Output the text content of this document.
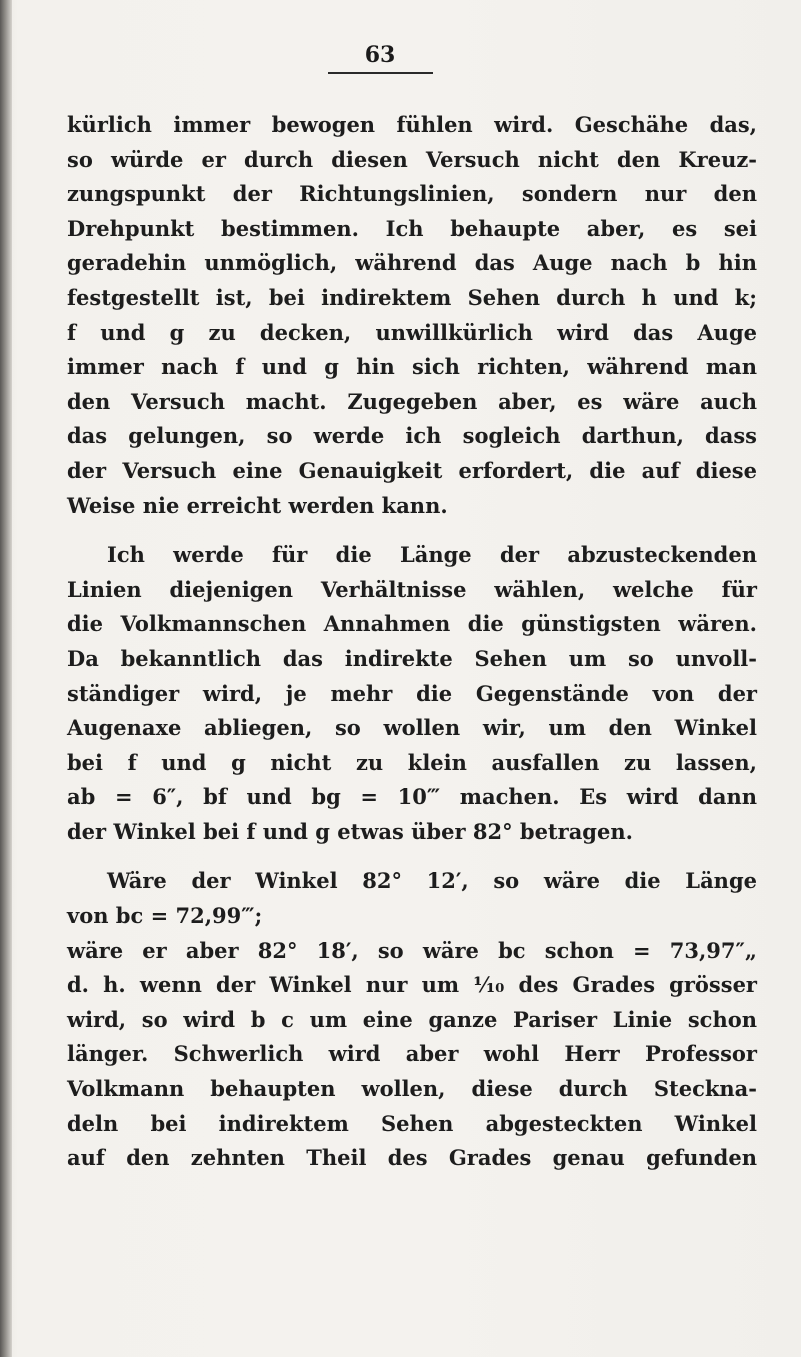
63
kürlich immer bewogen fühlen wird. Geschähe das,
so würde er durch diesen Versuch nicht den Kreuz-
zungspunkt der Richtungslinien, sondern nur den
Drehpunkt bestimmen. Ich behaupte aber, es sei
geradehin unmöglich, während das Auge nach b hin
festgestellt ist, bei indirektem Sehen durch h und k;
f und g zu decken, unwillkürlich wird das Auge
immer nach f und g hin sich richten, während man
den Versuch macht. Zugegeben aber, es wäre auch
das gelungen, so werde ich sogleich darthun, dass
der Versuch eine Genauigkeit erfordert, die auf diese
Weise nie erreicht werden kann.
Ich werde für die Länge der abzusteckenden
Linien diejenigen Verhältnisse wählen, welche für
die Volkmannschen Annahmen die günstigsten wären.
Da bekanntlich das indirekte Sehen um so unvoll-
ständiger wird, je mehr die Gegenstände von der
Augenaxe abliegen, so wollen wir, um den Winkel
bei f und g nicht zu klein ausfallen zu lassen,
ab = 6″, bf und bg = 10‴ machen. Es wird dann
der Winkel bei f und g etwas über 82° betragen.
Wäre der Winkel 82° 12′, so wäre die Länge
von bc = 72,99‴;
wäre er aber 82° 18′, so wäre bc schon = 73,97″„
d. h. wenn der Winkel nur um ¹⁄₁₀ des Grades grösser
wird, so wird b c um eine ganze Pariser Linie schon
länger. Schwerlich wird aber wohl Herr Professor
Volkmann behaupten wollen, diese durch Steckna-
deln bei indirektem Sehen abgesteckten Winkel
auf den zehnten Theil des Grades genau gefunden
